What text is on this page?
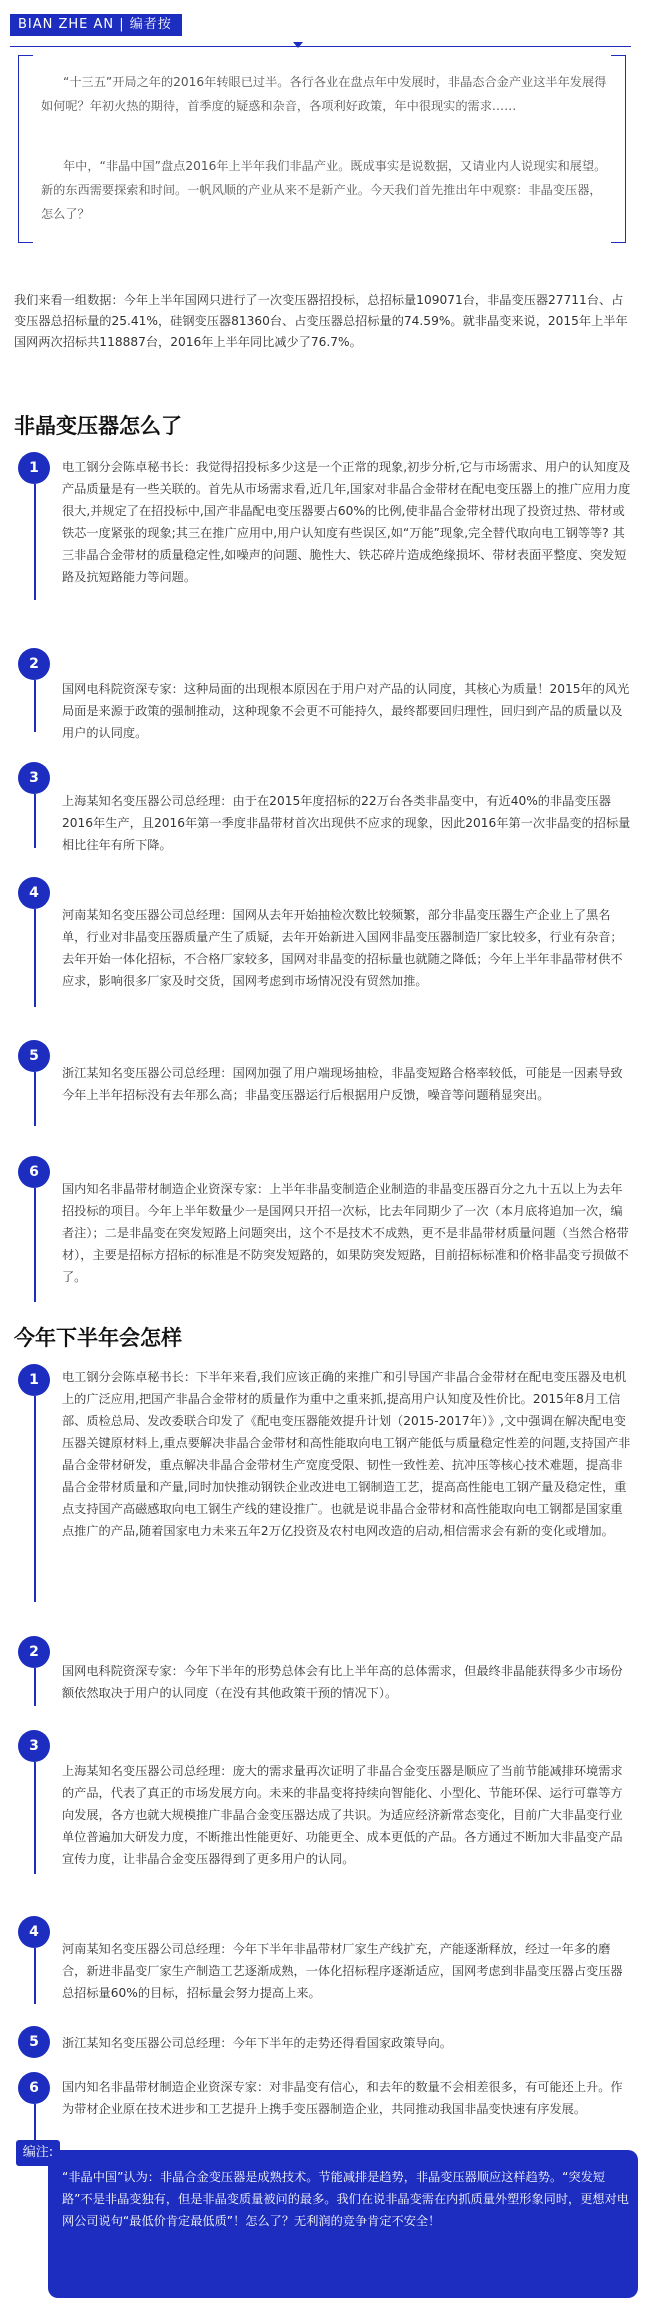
BIAN ZHE AN | 编者按

“十三五”开局之年的2016年转眼已过半。各行各业在盘点年中发展时，非晶态合金产业这半年发展得如何呢？年初火热的期待，首季度的疑惑和杂音，各项利好政策，年中很现实的需求……

年中，“非晶中国”盘点2016年上半年我们非晶产业。既成事实是说数据，又请业内人说现实和展望。新的东西需要探索和时间。一帆风顺的产业从来不是新产业。今天我们首先推出年中观察：非晶变压器，怎么了？

我们来看一组数据：今年上半年国网只进行了一次变压器招投标，总招标量109071台，非晶变压器27711台、占变压器总招标量的25.41%，硅钢变压器81360台、占变压器总招标量的74.59%。就非晶变来说，2015年上半年国网两次招标共118887台，2016年上半年同比减少了76.7%。

非晶变压器怎么了
1	电工钢分会陈卓秘书长：我觉得招投标多少这是一个正常的现象,初步分析,它与市场需求、用户的认知度及产品质量是有一些关联的。首先从市场需求看,近几年,国家对非晶合金带材在配电变压器上的推广应用力度很大,并规定了在招投标中,国产非晶配电变压器要占60%的比例,使非晶合金带材出现了投资过热、带材或铁芯一度紧张的现象;其三在推广应用中,用户认知度有些误区,如“万能”现象,完全替代取向电工钢等等? 其三非晶合金带材的质量稳定性,如噪声的问题、脆性大、铁芯碎片造成绝缘损坏、带材表面平整度、突发短路及抗短路能力等问题。

2

国网电科院资深专家：这种局面的出现根本原因在于用户对产品的认同度，其核心为质量！2015年的风光局面是来源于政策的强制推动，这种现象不会更不可能持久，最终都要回归理性，回归到产品的质量以及用户的认同度。

3

上海某知名变压器公司总经理：由于在2015年度招标的22万台各类非晶变中，有近40%的非晶变压器2016年生产，且2016年第一季度非晶带材首次出现供不应求的现象，因此2016年第一次非晶变的招标量相比往年有所下降。

4

河南某知名变压器公司总经理：国网从去年开始抽检次数比较频繁，部分非晶变压器生产企业上了黑名单，行业对非晶变压器质量产生了质疑，去年开始新进入国网非晶变压器制造厂家比较多，行业有杂音；去年开始一体化招标，不合格厂家较多，国网对非晶变的招标量也就随之降低；今年上半年非晶带材供不应求，影响很多厂家及时交货，国网考虑到市场情况没有贸然加推。

5

浙江某知名变压器公司总经理：国网加强了用户端现场抽检，非晶变短路合格率较低，可能是一因素导致今年上半年招标没有去年那么高；非晶变压器运行后根据用户反馈，噪音等问题稍显突出。

6

国内知名非晶带材制造企业资深专家：上半年非晶变制造企业制造的非晶变压器百分之九十五以上为去年招投标的项目。今年上半年数量少一是国网只开招一次标，比去年同期少了一次（本月底将追加一次，编者注）；二是非晶变在突发短路上问题突出，这个不是技术不成熟，更不是非晶带材质量问题（当然合格带材），主要是招标方招标的标准是不防突发短路的，如果防突发短路，目前招标标准和价格非晶变亏损做不了。

今年下半年会怎样
1	电工钢分会陈卓秘书长：下半年来看,我们应该正确的来推广和引导国产非晶合金带材在配电变压器及电机上的广泛应用,把国产非晶合金带材的质量作为重中之重来抓,提高用户认知度及性价比。2015年8月工信部、质检总局、发改委联合印发了《配电变压器能效提升计划（2015-2017年）》,文中强调在解决配电变压器关键原材料上,重点要解决非晶合金带材和高性能取向电工钢产能低与质量稳定性差的问题,支持国产非晶合金带材研发，重点解决非晶合金带材生产宽度受限、韧性一致性差、抗冲压等核心技术难题，提高非晶合金带材质量和产量,同时加快推动钢铁企业改进电工钢制造工艺，提高高性能电工钢产量及稳定性，重点支持国产高磁感取向电工钢生产线的建设推广。也就是说非晶合金带材和高性能取向电工钢都是国家重点推广的产品,随着国家电力未来五年2万亿投资及农村电网改造的启动,相信需求会有新的变化或增加。

2

国网电科院资深专家：今年下半年的形势总体会有比上半年高的总体需求，但最终非晶能获得多少市场份额依然取决于用户的认同度（在没有其他政策干预的情况下）。

3

上海某知名变压器公司总经理：庞大的需求量再次证明了非晶合金变压器是顺应了当前节能减排环境需求的产品，代表了真正的市场发展方向。未来的非晶变将持续向智能化、小型化、节能环保、运行可靠等方向发展，各方也就大规模推广非晶合金变压器达成了共识。为适应经济新常态变化，目前广大非晶变行业单位普遍加大研发力度，不断推出性能更好、功能更全、成本更低的产品。各方通过不断加大非晶变产品宣传力度，让非晶合金变压器得到了更多用户的认同。

4

河南某知名变压器公司总经理：今年下半年非晶带材厂家生产线扩充，产能逐渐释放，经过一年多的磨合，新进非晶变厂家生产制造工艺逐渐成熟，一体化招标程序逐渐适应，国网考虑到非晶变压器占变压器总招标量60%的目标，招标量会努力提高上来。

5	浙江某知名变压器公司总经理：今年下半年的走势还得看国家政策导向。

6	国内知名非晶带材制造企业资深专家：对非晶变有信心，和去年的数量不会相差很多，有可能还上升。作为带材企业原在技术进步和工艺提升上携手变压器制造企业，共同推动我国非晶变快速有序发展。

编注:

“非晶中国”认为：非晶合金变压器是成熟技术。节能减排是趋势，非晶变压器顺应这样趋势。“突发短路”不是非晶变独有，但是非晶变质量被问的最多。我们在说非晶变需在内抓质量外塑形象同时，更想对电网公司说句“最低价肯定最低质”！怎么了？无利润的竞争肯定不安全！
